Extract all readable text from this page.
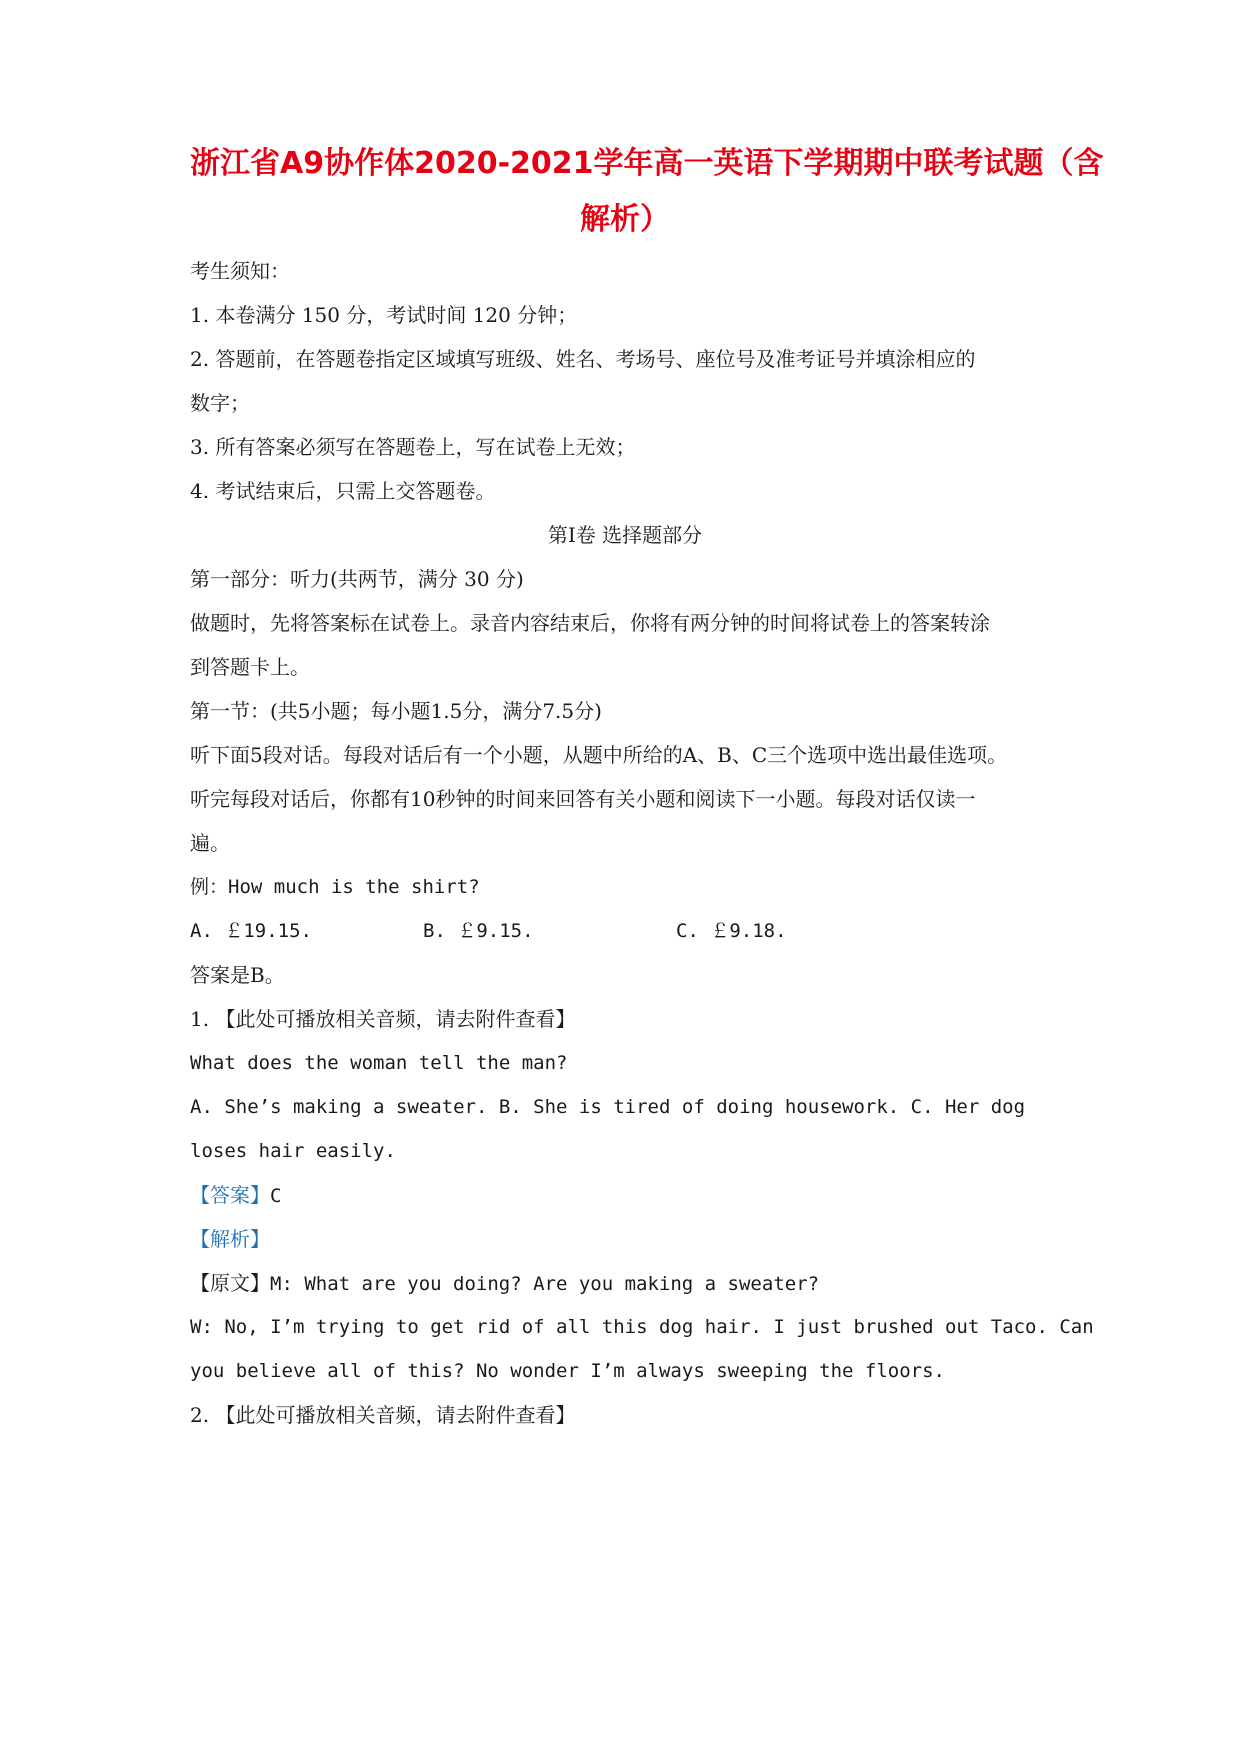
浙江省A9协作体2020-2021学年高一英语下学期期中联考试题（含
解析）
考生须知：
1. 本卷满分 150 分，考试时间 120 分钟；
2. 答题前，在答题卷指定区域填写班级、姓名、考场号、座位号及准考证号并填涂相应的
数字；
3. 所有答案必须写在答题卷上，写在试卷上无效；
4. 考试结束后，只需上交答题卷。
第Ⅰ卷 选择题部分
第一部分：听力(共两节，满分 30 分)
做题时，先将答案标在试卷上。录音内容结束后，你将有两分钟的时间将试卷上的答案转涂
到答题卡上。
第一节：(共5小题；每小题1.5分，满分7.5分)
听下面5段对话。每段对话后有一个小题，从题中所给的A、B、C三个选项中选出最佳选项。
听完每段对话后，你都有10秒钟的时间来回答有关小题和阅读下一小题。每段对话仅读一
遍。
例：How much is the shirt?
A. ￡19.15.	B. ￡9.15.	C. ￡9.18.
答案是B。
1. 【此处可播放相关音频，请去附件查看】
What does the woman tell the man?
A. She’s making a sweater. B. She is tired of doing housework. C. Her dog
loses hair easily.
【答案】C
【解析】
【原文】M: What are you doing? Are you making a sweater?
W: No, I’m trying to get rid of all this dog hair. I just brushed out Taco. Can
you believe all of this? No wonder I’m always sweeping the floors.
2. 【此处可播放相关音频，请去附件查看】
